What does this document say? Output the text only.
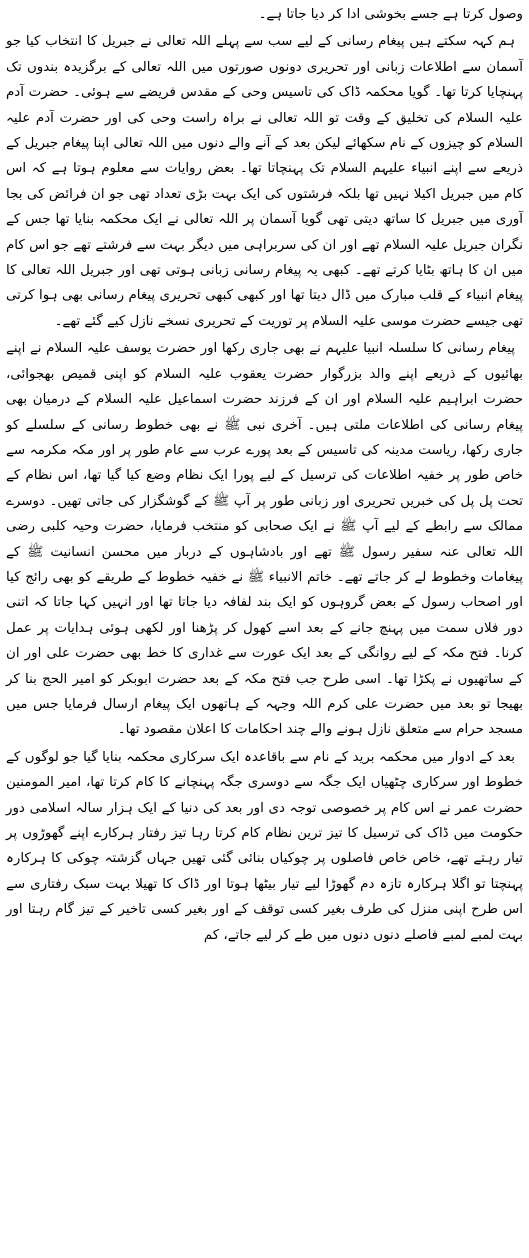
وصول کرتا ہے جسے بخوشی ادا کر دیا جاتا ہے۔

ہم کہہ سکتے ہیں پیغام رسانی کے لیے سب سے پہلے اللہ تعالی نے جبریل کا انتخاب کیا جو آسمان سے اطلاعات زبانی اور تحریری دونوں صورتوں میں اللہ تعالی کے برگزیدہ بندوں تک پہنچایا کرتا تھا۔ گویا محکمہ ڈاک کی تاسیس وحی کے مقدس فریضے سے ہوئی۔ حضرت آدم علیہ السلام کی تخلیق کے وقت تو اللہ تعالی نے براہ راست وحی کی اور حضرت آدم علیہ السلام کو چیزوں کے نام سکھائے لیکن بعد کے آنے والے دنوں میں اللہ تعالی اپنا پیغام جبریل کے ذریعے سے اپنے انبیاء علیہم السلام تک پہنچاتا تھا۔ بعض روایات سے معلوم ہوتا ہے کہ اس کام میں جبریل اکیلا نہیں تھا بلکہ فرشتوں کی ایک بہت بڑی تعداد تھی جو ان فرائض کی بجا آوری میں جبریل کا ساتھ دیتی تھی گویا آسمان پر اللہ تعالی نے ایک محکمہ بنایا تھا جس کے نگران جبریل علیہ السلام تھے اور ان کی سربراہی میں دیگر بہت سے فرشتے تھے جو اس کام میں ان کا ہاتھ بٹایا کرتے تھے۔ کبھی یہ پیغام رسانی زبانی ہوتی تھی اور جبریل اللہ تعالی کا پیغام انبیاء کے قلب مبارک میں ڈال دیتا تھا اور کبھی کبھی تحریری پیغام رسانی بھی ہوا کرتی تھی جیسے حضرت موسی علیہ السلام پر توریت کے تحریری نسخے نازل کیے گئے تھے۔

پیغام رسانی کا سلسلہ انبیا علیہم نے بھی جاری رکھا اور حضرت یوسف علیہ السلام نے اپنے بھائیوں کے ذریعے اپنے والد بزرگوار حضرت یعقوب علیہ السلام کو اپنی قمیص بھجوائی، حضرت ابراہیم علیہ السلام اور ان کے فرزند حضرت اسماعیل علیہ السلام کے درمیان بھی پیغام رسانی کی اطلاعات ملتی ہیں۔ آخری نبی ﷺ نے بھی خطوط رسانی کے سلسلے کو جاری رکھا، ریاست مدینہ کی تاسیس کے بعد پورے عرب سے عام طور پر اور مکہ مکرمہ سے خاص طور پر خفیہ اطلاعات کی ترسیل کے لیے پورا ایک نظام وضع کیا گیا تھا، اس نظام کے تحت پل پل کی خبریں تحریری اور زبانی طور پر آپ ﷺ کے گوشگزار کی جاتی تھیں۔ دوسرے ممالک سے رابطے کے لیے آپ ﷺ نے ایک صحابی کو منتخب فرمایا، حضرت وحیہ کلبی رضی اللہ تعالی عنہ سفیر رسول ﷺ تھے اور بادشاہوں کے دربار میں محسن انسانیت ﷺ کے پیغامات وخطوط لے کر جاتے تھے۔ خاتم الانبیاء ﷺ نے خفیہ خطوط کے طریقے کو بھی رائج کیا اور اصحاب رسول کے بعض گروہوں کو ایک بند لفافہ دیا جاتا تھا اور انہیں کہا جاتا کہ اتنی دور فلاں سمت میں پہنچ جانے کے بعد اسے کھول کر پڑھنا اور لکھی ہوئی ہدایات پر عمل کرنا۔ فتح مکہ کے لیے روانگی کے بعد ایک عورت سے غداری کا خط بھی حضرت علی اور ان کے ساتھیوں نے پکڑا تھا۔ اسی طرح جب فتح مکہ کے بعد حضرت ابوبکر کو امیر الحج بنا کر بھیجا تو بعد میں حضرت علی کرم اللہ وجہہ کے ہاتھوں ایک پیغام ارسال فرمایا جس میں مسجد حرام سے متعلق نازل ہونے والے چند احکامات کا اعلان مقصود تھا۔

بعد کے ادوار میں محکمہ برید کے نام سے باقاعدہ ایک سرکاری محکمہ بنایا گیا جو لوگوں کے خطوط اور سرکاری چٹھیاں ایک جگہ سے دوسری جگہ پہنچانے کا کام کرتا تھا، امیر المومنین حضرت عمر نے اس کام پر خصوصی توجہ دی اور بعد کی دنیا کے ایک ہزار سالہ اسلامی دور حکومت میں ڈاک کی ترسیل کا تیز ترین نظام کام کرتا رہا تیز رفتار ہرکارے اپنے گھوڑوں پر تیار رہتے تھے، خاص خاص فاصلوں پر چوکیاں بنائی گئی تھیں جہاں گزشتہ چوکی کا ہرکارہ پہنچتا تو اگلا ہرکارہ تازہ دم گھوڑا لیے تیار بیٹھا ہوتا اور ڈاک کا تھیلا بہت سبک رفتاری سے اس طرح اپنی منزل کی طرف بغیر کسی توقف کے اور بغیر کسی تاخیر کے تیز گام رہتا اور بہت لمبے لمبے فاصلے دنوں دنوں میں طے کر لیے جاتے، کم
